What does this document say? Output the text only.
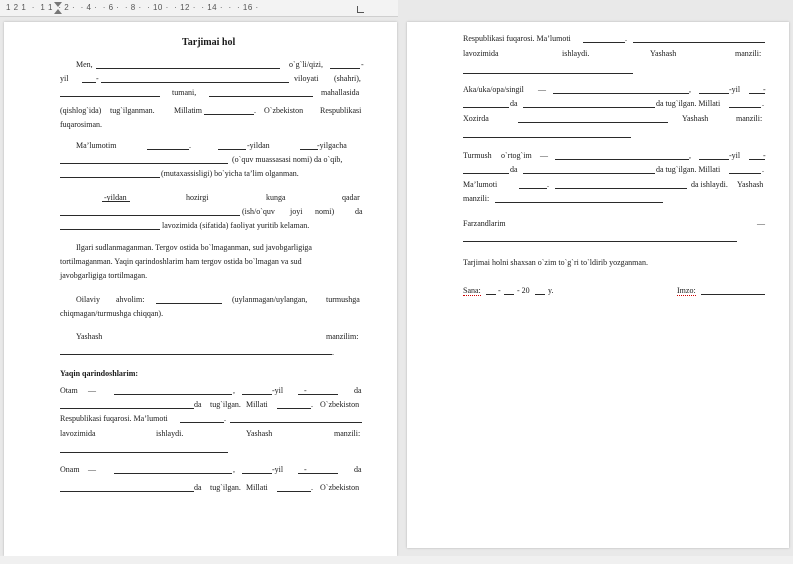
1 2 1  ·  1 1  · 2 ·  · 4 ·  · 6 ·  · 8 ·  · 10 ·  · 12 ·  · 14 ·  ·  · 16 ·
Tarjimai hol
Men,	o`g`li/qizi,	-
yil	-	viloyati (shahri),
tumani,	mahallasida
(qishlog`ida) tug`ilganman. Millatim	. O`zbekiston Respublikasi
fuqarosiman.
Ma’lumotim	.	-yildan	-yilgacha
(o`quv muassasasi nomi) da o`qib,
(mutaxassisligi) bo`yicha ta’lim olganman.
-yildan	hozirgi	kunga	qadar
(ish/o`quv joyi nomi)	da
lavozimida (sifatida) faoliyat yuritib kelaman.
Ilgari sudlanmaganman. Tergov ostida bo`lmaganman, sud javobgarligiga
tortilmaganman. Yaqin qarindoshlarim ham tergov ostida bo`lmagan va sud
javobgarligiga tortilmagan.
Oilaviy ahvolim:	(uylanmagan/uylangan, turmushga
chiqmagan/turmushga chiqqan).
Yashash	manzilim:
.
Yaqin qarindoshlarim:
Otam —	,	-yil	-	da
da tug`ilgan. Millati	. O`zbekiston
Respublikasi fuqarosi. Ma’lumoti	.
lavozimida	ishlaydi.	Yashash	manzili:
Onam —	,	-yil	-	da
da tug`ilgan. Millati	. O`zbekiston
Respublikasi fuqarosi. Ma’lumoti	.
lavozimida	ishlaydi.	Yashash	manzili:
Aka/uka/opa/singil —	,	-yil	-
da	da tug`ilgan. Millati	.
Xozirda	Yashash	manzili:
Turmush o`rtog`im —	,	-yil	-
da	da tug`ilgan. Millati	.
Ma’lumoti	.	da ishlaydi. Yashash
manzili:
Farzandlarim	—
Tarjimai holni shaxsan o`zim to`g`ri to`ldirib yozganman.
Sana: - - 20 y.	Imzo:
